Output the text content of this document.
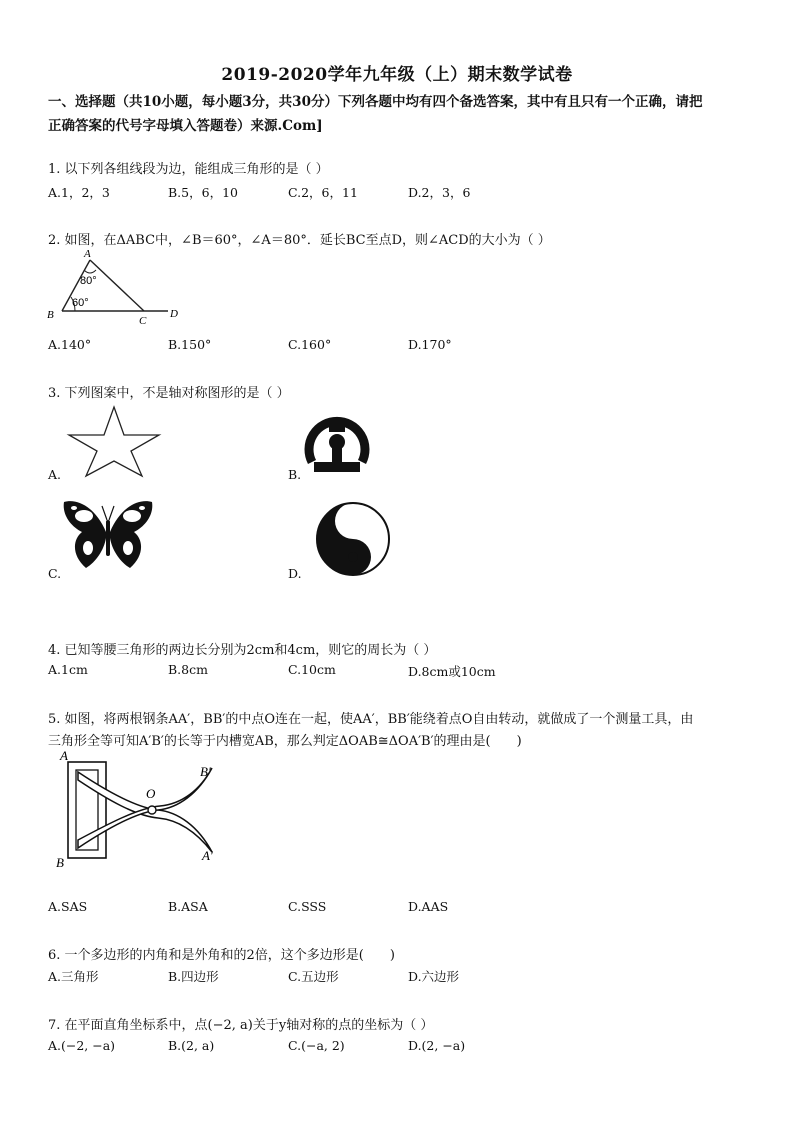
2019-2020学年九年级（上）期末数学试卷
一、选择题（共10小题，每小题3分，共30分）下列各题中均有四个备选答案，其中有且只有一个正确，请把
正确答案的代号字母填入答题卷）来源.Com]
1. 以下列各组线段为边，能组成三角形的是（ ）
A.1，2，3	B.5，6，10	C.2，6，11	D.2，3，6
2. 如图，在ΔABC中，∠B＝60°，∠A＝80°．延长BC至点D，则∠ACD的大小为（ ）
A
80°
60°
B	C
D
A.140°	B.150°	C.160°	D.170°
3. 下列图案中，不是轴对称图形的是（ ）
A.	B.
C.	D.
4. 已知等腰三角形的两边长分别为2cm和4cm，则它的周长为（ ）
A.1cm	B.8cm	C.10cm	D.8cm或10cm
5. 如图，将两根钢条AA′，BB′的中点O连在一起，使AA′，BB′能绕着点O自由转动，就做成了一个测量工具，由
三角形全等可知A′B′的长等于内槽宽AB，那么判定ΔOAB≅ΔOA′B′的理由是(　　)
A
B
O
B′
A′
A.SAS	B.ASA	C.SSS	D.AAS
6. 一个多边形的内角和是外角和的2倍，这个多边形是(　　)
A.三角形	B.四边形	C.五边形	D.六边形
7. 在平面直角坐标系中，点(−2, a)关于y轴对称的点的坐标为（ ）
A.(−2, −a)	B.(2, a)	C.(−a, 2)	D.(2, −a)
